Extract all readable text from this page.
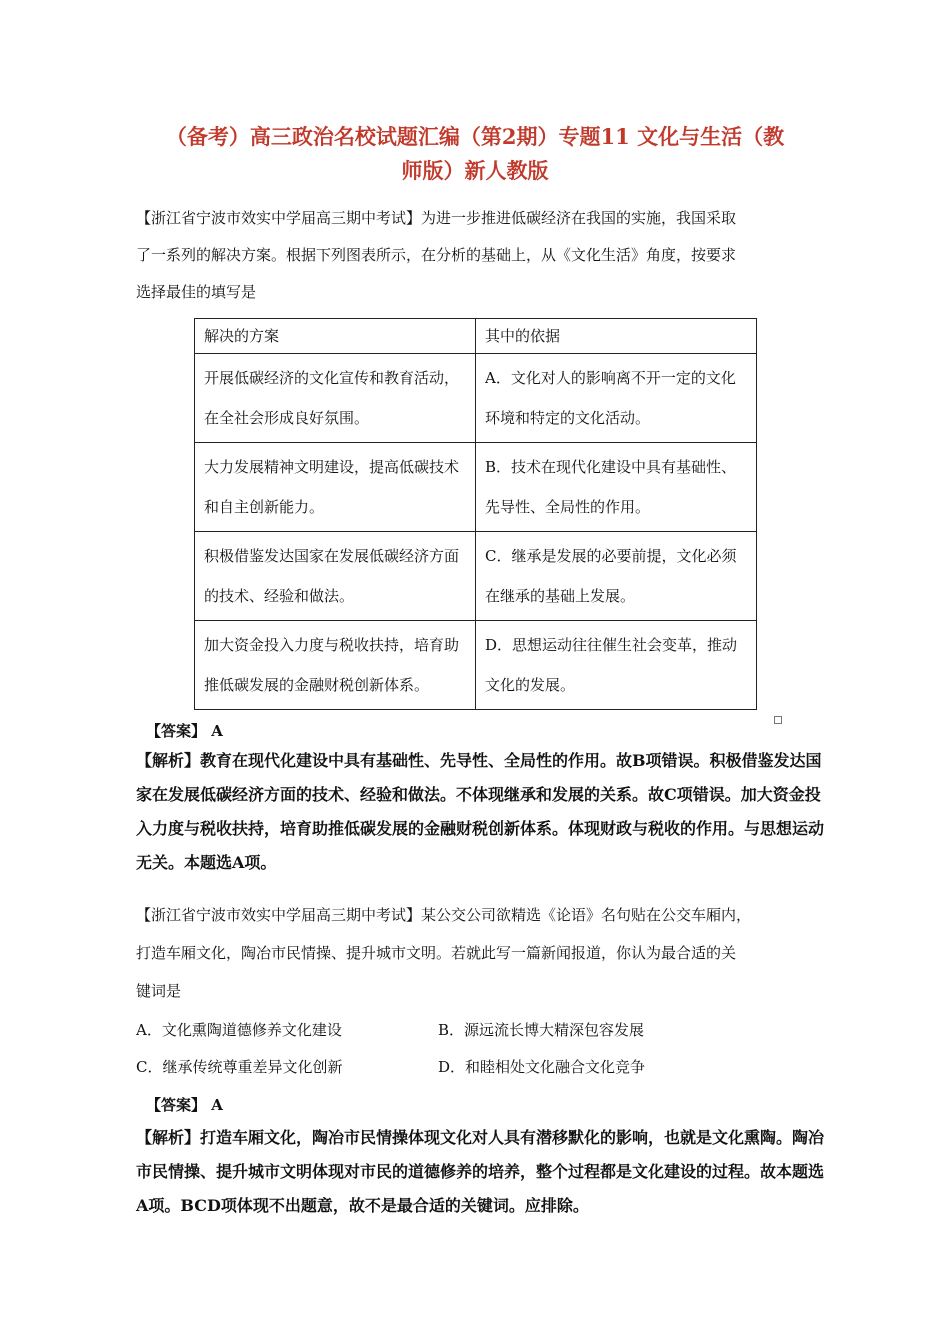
（备考）高三政治名校试题汇编（第2期）专题11 文化与生活（教
师版）新人教版
【浙江省宁波市效实中学届高三期中考试】为进一步推进低碳经济在我国的实施，我国采取
了一系列的解决方案。根据下列图表所示，在分析的基础上，从《文化生活》角度，按要求
选择最佳的填写是
解决的方案	其中的依据
开展低碳经济的文化宣传和教育活动，在全社会形成良好氛围。	A．文化对人的影响离不开一定的文化环境和特定的文化活动。
大力发展精神文明建设，提高低碳技术和自主创新能力。	B．技术在现代化建设中具有基础性、先导性、全局性的作用。
积极借鉴发达国家在发展低碳经济方面的技术、经验和做法。	C．继承是发展的必要前提，文化必须在继承的基础上发展。
加大资金投入力度与税收扶持，培育助推低碳发展的金融财税创新体系。	D．思想运动往往催生社会变革，推动文化的发展。
【答案】 A
【解析】教育在现代化建设中具有基础性、先导性、全局性的作用。故B项错误。积极借鉴发达国
家在发展低碳经济方面的技术、经验和做法。不体现继承和发展的关系。故C项错误。加大资金投
入力度与税收扶持，培育助推低碳发展的金融财税创新体系。体现财政与税收的作用。与思想运动
无关。本题选A项。
【浙江省宁波市效实中学届高三期中考试】某公交公司欲精选《论语》名句贴在公交车厢内，
打造车厢文化，陶冶市民情操、提升城市文明。若就此写一篇新闻报道，你认为最合适的关
键词是
A．文化熏陶道德修养文化建设	B．源远流长博大精深包容发展
C．继承传统尊重差异文化创新	D．和睦相处文化融合文化竞争
【答案】 A
【解析】打造车厢文化，陶冶市民情操体现文化对人具有潜移默化的影响，也就是文化熏陶。陶冶
市民情操、提升城市文明体现对市民的道德修养的培养，整个过程都是文化建设的过程。故本题选
A项。BCD项体现不出题意，故不是最合适的关键词。应排除。
